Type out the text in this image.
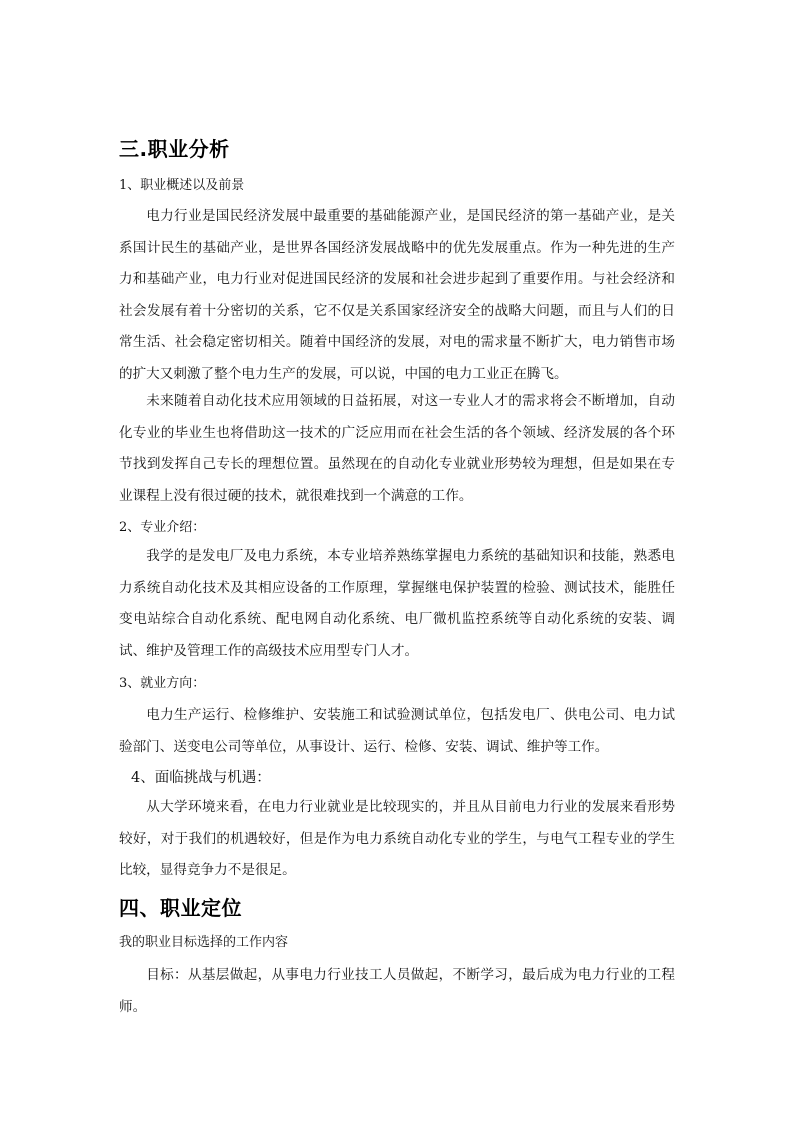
三.职业分析
1、职业概述以及前景

电力行业是国民经济发展中最重要的基础能源产业，是国民经济的第一基础产业，是关系国计民生的基础产业，是世界各国经济发展战略中的优先发展重点。作为一种先进的生产力和基础产业，电力行业对促进国民经济的发展和社会进步起到了重要作用。与社会经济和社会发展有着十分密切的关系，它不仅是关系国家经济安全的战略大问题，而且与人们的日常生活、社会稳定密切相关。随着中国经济的发展，对电的需求量不断扩大，电力销售市场的扩大又刺激了整个电力生产的发展，可以说，中国的电力工业正在腾飞。

未来随着自动化技术应用领域的日益拓展，对这一专业人才的需求将会不断增加，自动化专业的毕业生也将借助这一技术的广泛应用而在社会生活的各个领域、经济发展的各个环节找到发挥自己专长的理想位置。虽然现在的自动化专业就业形势较为理想，但是如果在专业课程上没有很过硬的技术，就很难找到一个满意的工作。

2、专业介绍：

我学的是发电厂及电力系统，本专业培养熟练掌握电力系统的基础知识和技能，熟悉电力系统自动化技术及其相应设备的工作原理，掌握继电保护装置的检验、测试技术，能胜任变电站综合自动化系统、配电网自动化系统、电厂微机监控系统等自动化系统的安装、调试、维护及管理工作的高级技术应用型专门人才。

3、就业方向：

电力生产运行、检修维护、安装施工和试验测试单位，包括发电厂、供电公司、电力试验部门、送变电公司等单位，从事设计、运行、检修、安装、调试、维护等工作。

4、面临挑战与机遇：

从大学环境来看，在电力行业就业是比较现实的，并且从目前电力行业的发展来看形势较好，对于我们的机遇较好，但是作为电力系统自动化专业的学生，与电气工程专业的学生比较，显得竞争力不是很足。

四、职业定位
我的职业目标选择的工作内容

目标：从基层做起，从事电力行业技工人员做起，不断学习，最后成为电力行业的工程师。
